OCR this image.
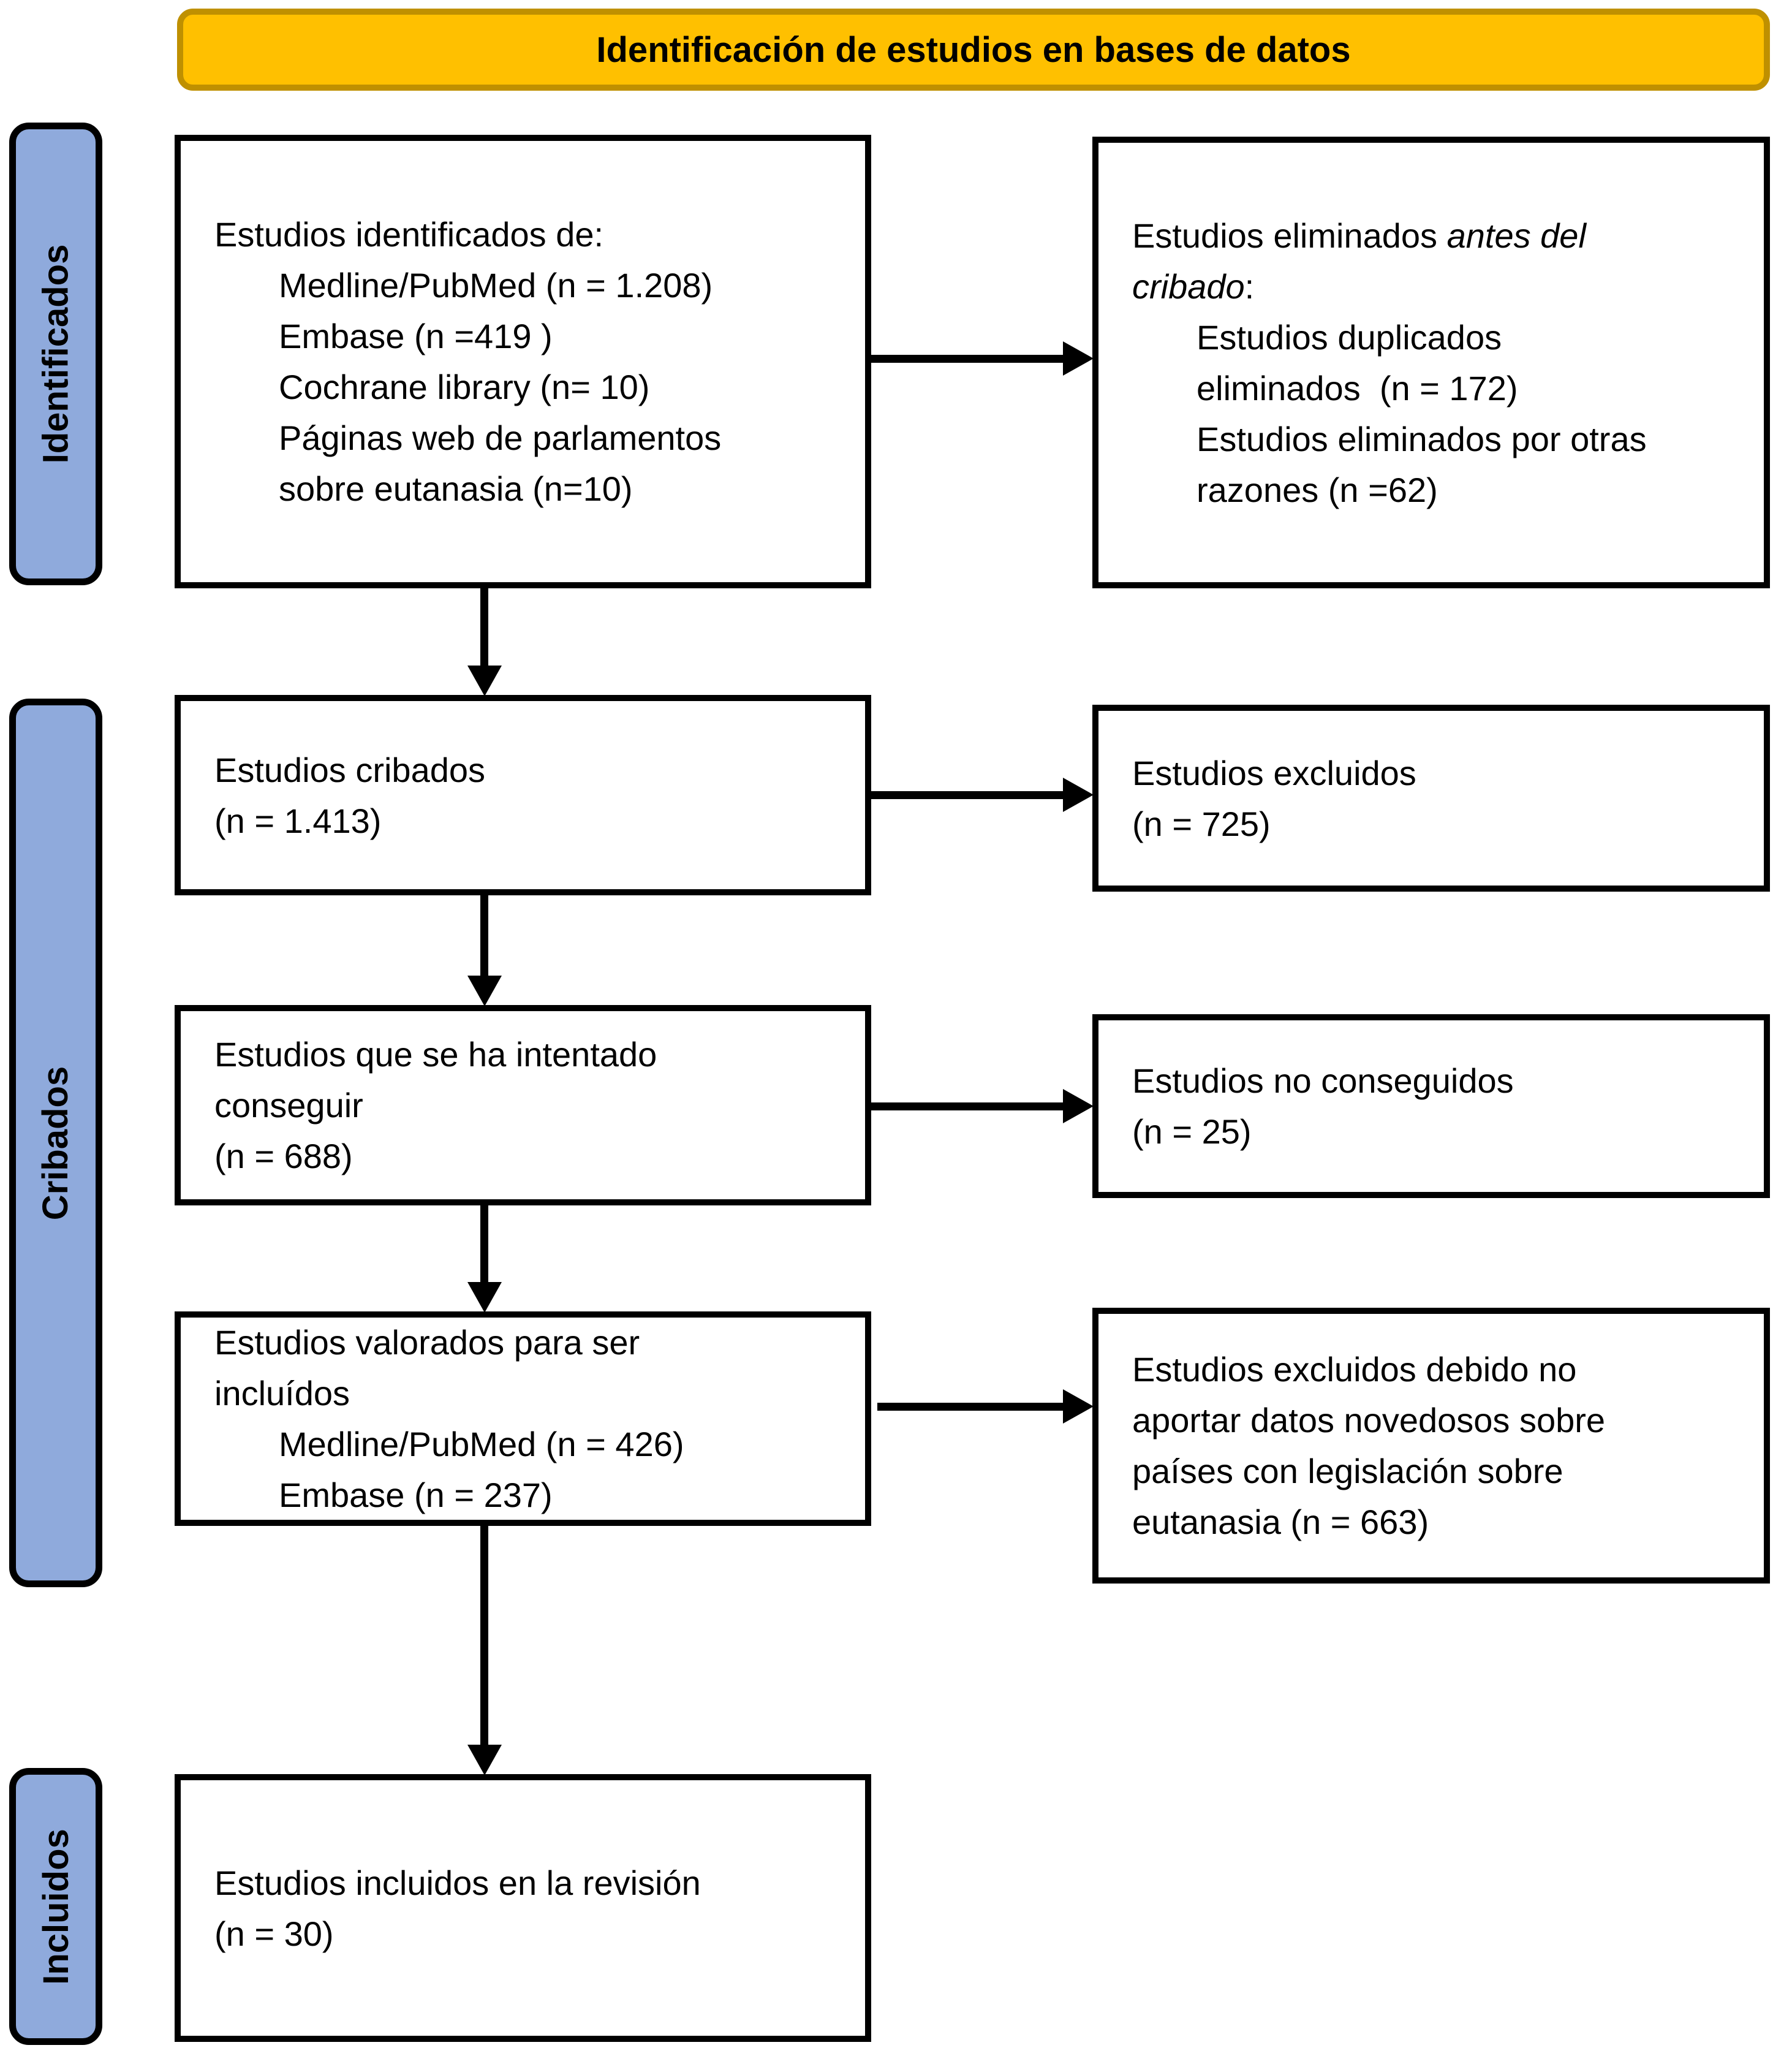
Identificación de estudios en bases de datos
Identificados
Cribados
Incluidos
Estudios identificados de:
Medline/PubMed (n = 1.208)
Embase (n =419 )
Cochrane library (n= 10)
Páginas web de parlamentos
sobre eutanasia (n=10)
Estudios eliminados antes del
cribado:
Estudios duplicados
eliminados  (n = 172)
Estudios eliminados por otras
razones (n =62)
Estudios cribados
(n = 1.413)
Estudios excluidos
(n = 725)
Estudios que se ha intentado
conseguir
(n = 688)
Estudios no conseguidos
(n = 25)
Estudios valorados para ser
incluídos
Medline/PubMed (n = 426)
Embase (n = 237)
Estudios excluidos debido no
aportar datos novedosos sobre
países con legislación sobre
eutanasia (n = 663)
Estudios incluidos en la revisión
(n = 30)
